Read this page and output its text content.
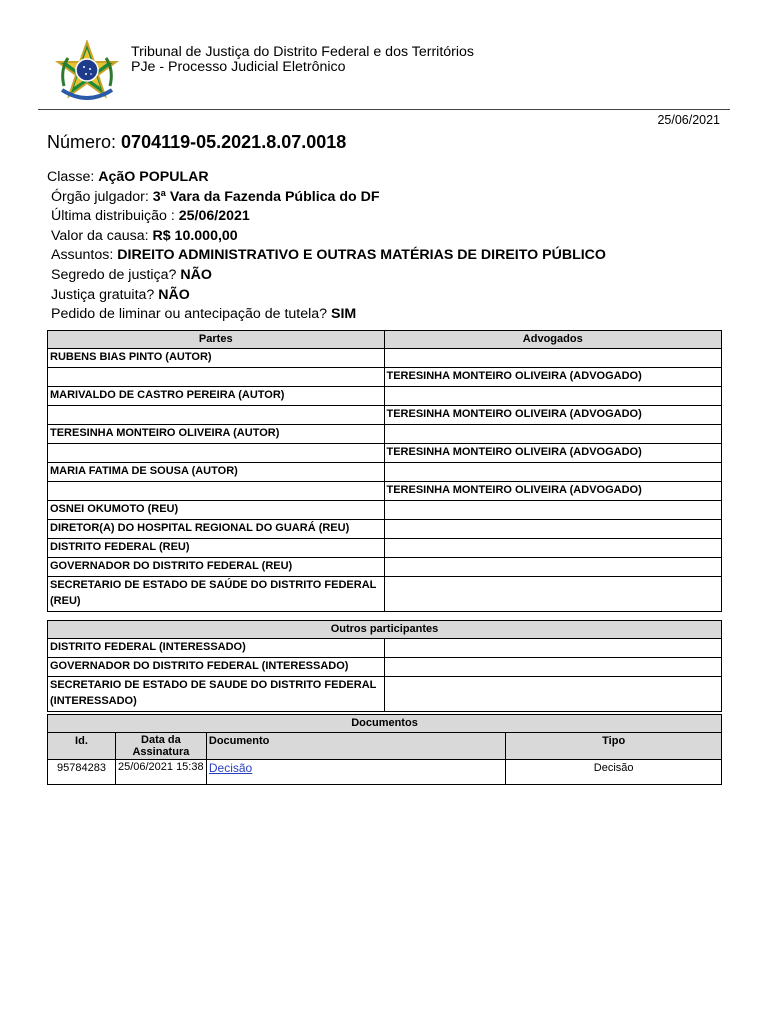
Tribunal de Justiça do Distrito Federal e dos Territórios
PJe - Processo Judicial Eletrônico
25/06/2021
Número: 0704119-05.2021.8.07.0018
Classe: AçãO POPULAR
Órgão julgador: 3ª Vara da Fazenda Pública do DF
Última distribuição : 25/06/2021
Valor da causa: R$ 10.000,00
Assuntos: DIREITO ADMINISTRATIVO E OUTRAS MATÉRIAS DE DIREITO PÚBLICO
Segredo de justiça? NÃO
Justiça gratuita? NÃO
Pedido de liminar ou antecipação de tutela? SIM
Partes	Advogados
RUBENS BIAS PINTO (AUTOR)	
	TERESINHA MONTEIRO OLIVEIRA (ADVOGADO)
MARIVALDO DE CASTRO PEREIRA (AUTOR)	
	TERESINHA MONTEIRO OLIVEIRA (ADVOGADO)
TERESINHA MONTEIRO OLIVEIRA (AUTOR)	
	TERESINHA MONTEIRO OLIVEIRA (ADVOGADO)
MARIA FATIMA DE SOUSA (AUTOR)	
	TERESINHA MONTEIRO OLIVEIRA (ADVOGADO)
OSNEI OKUMOTO (REU)	
DIRETOR(A) DO HOSPITAL REGIONAL DO GUARÁ (REU)	
DISTRITO FEDERAL (REU)	
GOVERNADOR DO DISTRITO FEDERAL (REU)	
SECRETARIO DE ESTADO DE SAÚDE DO DISTRITO FEDERAL (REU)	
Outros participantes	
DISTRITO FEDERAL (INTERESSADO)	
GOVERNADOR DO DISTRITO FEDERAL (INTERESSADO)	
SECRETARIO DE ESTADO DE SAUDE DO DISTRITO FEDERAL (INTERESSADO)	
Documentos			
Id.	Data da Assinatura	Documento	Tipo
95784283	25/06/2021 15:38	Decisão	Decisão
